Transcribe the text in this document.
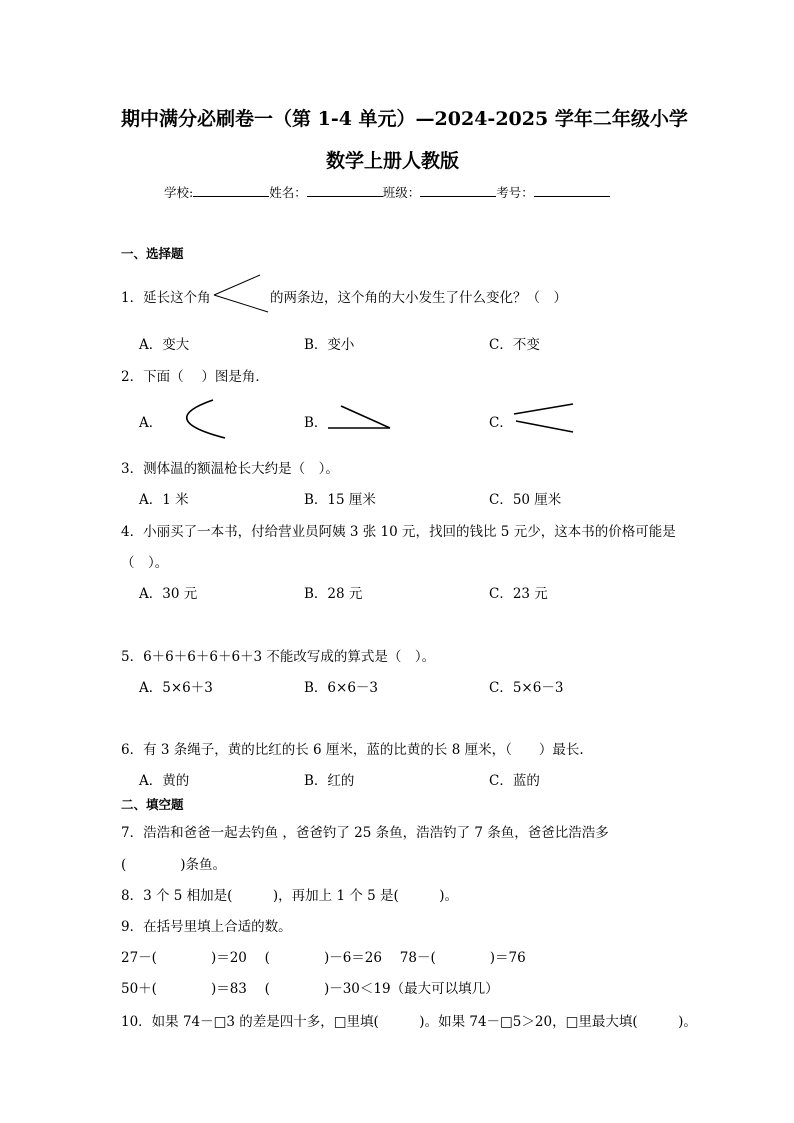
期中满分必刷卷一（第 1-4 单元）—2024-2025 学年二年级小学
数学上册人教版
学校:	姓名：	班级：	考号：
一、选择题
1．延长这个角	的两条边，这个角的大小发生了什么变化？（　）
A．变大	B．变小	C．不变
2．下面（　 ）图是角．
A．	B．	C．
3．测体温的额温枪长大约是（　）。
A．1 米	B．15 厘米	C．50 厘米
4．小丽买了一本书，付给营业员阿姨 3 张 10 元，找回的钱比 5 元少，这本书的价格可能是
（　）。
A．30 元	B．28 元	C．23 元
5．6＋6＋6＋6＋6＋3 不能改写成的算式是（　）。
A．5×6＋3	B．6×6－3	C．5×6－3
6．有 3 条绳子，黄的比红的长 6 厘米，蓝的比黄的长 8 厘米，（　　）最长.
A．黄的	B．红的	C．蓝的
二、填空题
7．浩浩和爸爸一起去钓鱼 ，爸爸钓了 25 条鱼，浩浩钓了 7 条鱼，爸爸比浩浩多
(　　　　)条鱼。
8．3 个 5 相加是(　　　)，再加上 1 个 5 是(　　　)。
9．在括号里填上合适的数。
27－(　　　　)＝20　 (　　　　)－6＝26　 78－(　　　　)＝76
50＋(　　　　)＝83　 (　　　　)－30＜19（最大可以填几）
10．如果 74－□3 的差是四十多，□里填(　　　)。如果 74－□5＞20，□里最大填(　　　)。
